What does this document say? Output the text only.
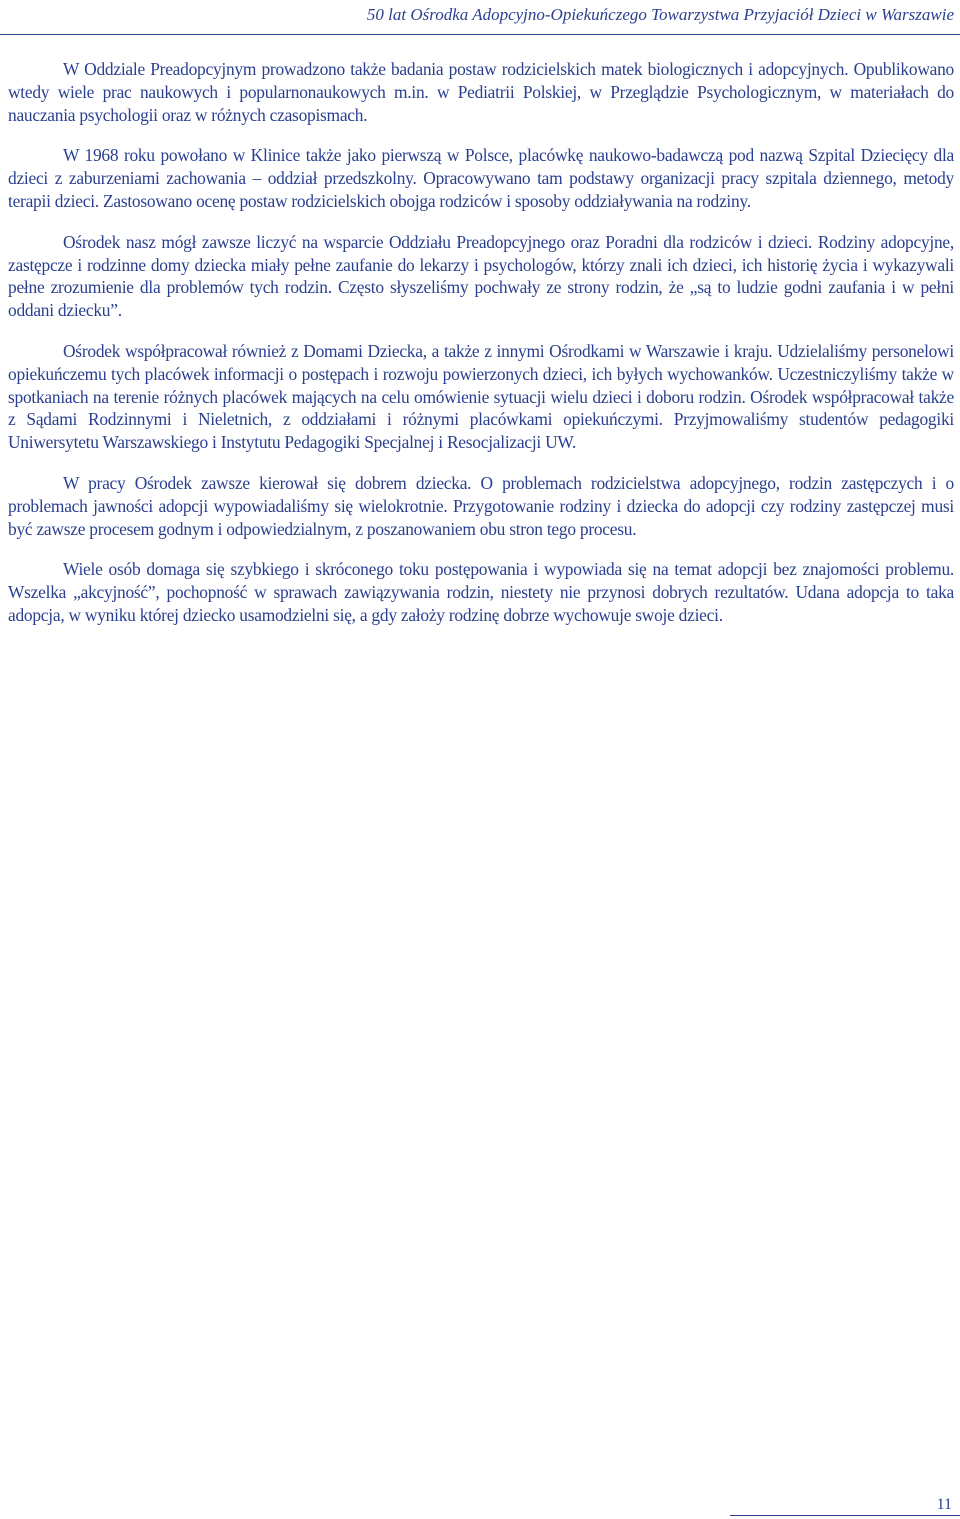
50 lat Ośrodka Adopcyjno-Opiekuńczego Towarzystwa Przyjaciół Dzieci w Warszawie

W Oddziale Preadopcyjnym prowadzono także badania postaw rodzicielskich matek biologicznych i adopcyjnych. Opublikowano wtedy wiele prac naukowych i popularnonaukowych m.in. w Pediatrii Polskiej, w Przeglądzie Psychologicznym, w materiałach do nauczania psychologii oraz w różnych czasopismach.

W 1968 roku powołano w Klinice także jako pierwszą w Polsce, placówkę naukowo-badawczą pod nazwą Szpital Dziecięcy dla dzieci z zaburzeniami zachowania – oddział przedszkolny. Opracowywano tam podstawy organizacji pracy szpitala dziennego, metody terapii dzieci. Zastosowano ocenę postaw rodzicielskich obojga rodziców i sposoby oddziaływania na rodziny.

Ośrodek nasz mógł zawsze liczyć na wsparcie Oddziału Preadopcyjnego oraz Poradni dla rodziców i dzieci. Rodziny adopcyjne, zastępcze i rodzinne domy dziecka miały pełne zaufanie do lekarzy i psychologów, którzy znali ich dzieci, ich historię życia i wykazywali pełne zrozumienie dla problemów tych rodzin. Często słyszeliśmy pochwały ze strony rodzin, że „są to ludzie godni zaufania i w pełni oddani dziecku”.

Ośrodek współpracował również z Domami Dziecka, a także z innymi Ośrodkami w Warszawie i kraju. Udzielaliśmy personelowi opiekuńczemu tych placówek informacji o postępach i rozwoju powierzonych dzieci, ich byłych wychowanków. Uczestniczyliśmy także w spotkaniach na terenie różnych placówek mających na celu omówienie sytuacji wielu dzieci i doboru rodzin. Ośrodek współpracował także z Sądami Rodzinnymi i Nieletnich, z oddziałami i różnymi placówkami opiekuńczymi. Przyjmowaliśmy studentów pedagogiki Uniwersytetu Warszawskiego i Instytutu Pedagogiki Specjalnej i Resocjalizacji UW.

W pracy Ośrodek zawsze kierował się dobrem dziecka. O problemach rodzicielstwa adopcyjnego, rodzin zastępczych i o problemach jawności adopcji wypowiadaliśmy się wielokrotnie. Przygotowanie rodziny i dziecka do adopcji czy rodziny zastępczej musi być zawsze procesem godnym i odpowiedzialnym, z poszanowaniem obu stron tego procesu.

Wiele osób domaga się szybkiego i skróconego toku postępowania i wypowiada się na temat adopcji bez znajomości problemu. Wszelka „akcyjność”, pochopność w sprawach zawiązywania rodzin, niestety nie przynosi dobrych rezultatów. Udana adopcja to taka adopcja, w wyniku której dziecko usamodzielni się, a gdy założy rodzinę dobrze wychowuje swoje dzieci.

11
